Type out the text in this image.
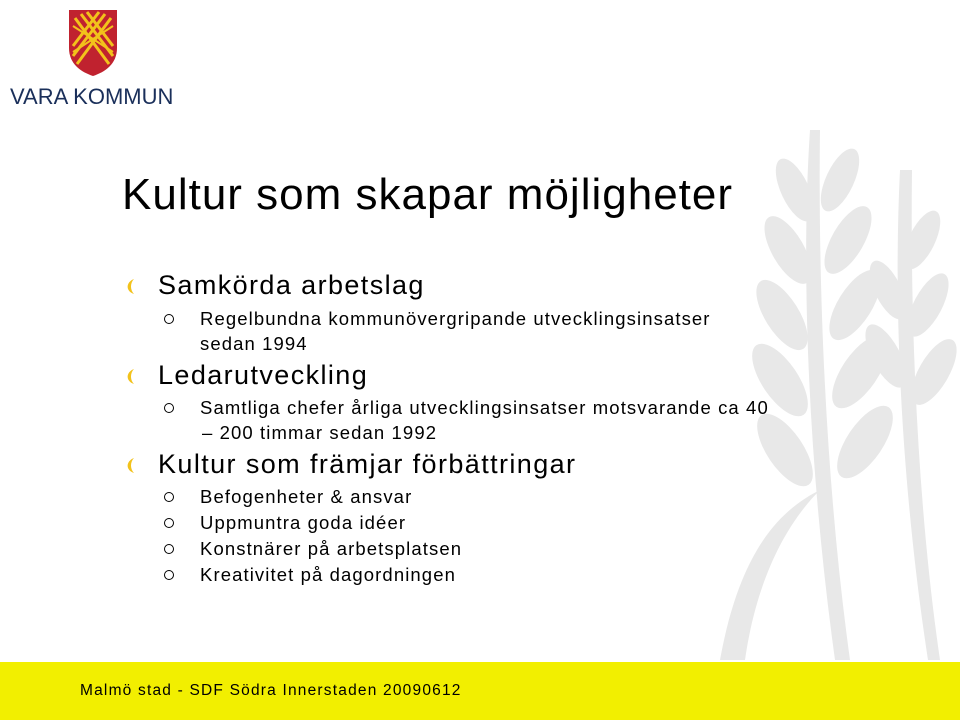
VARA KOMMUN
Kultur som skapar möjligheter
Samkörda arbetslag
Regelbundna kommunövergripande utvecklingsinsatser
sedan 1994
Ledarutveckling
Samtliga chefer årliga utvecklingsinsatser motsvarande ca 40
– 200 timmar sedan 1992
Kultur som främjar förbättringar
Befogenheter & ansvar
Uppmuntra goda idéer
Konstnärer på arbetsplatsen
Kreativitet på dagordningen
Malmö stad - SDF Södra Innerstaden 20090612
